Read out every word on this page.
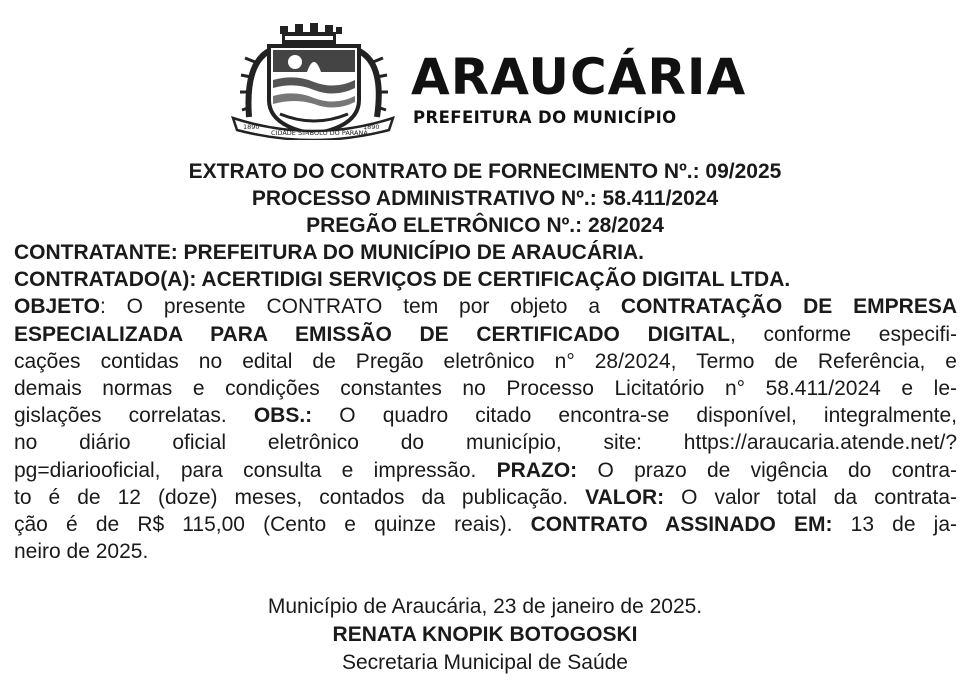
1890	1890
CIDADE SÍMBOLO DO PARANÁ
ARAUCÁRIA
PREFEITURA DO MUNICÍPIO
EXTRATO DO CONTRATO DE FORNECIMENTO Nº.: 09/2025
PROCESSO ADMINISTRATIVO Nº.: 58.411/2024
PREGÃO ELETRÔNICO Nº.: 28/2024
CONTRATANTE: PREFEITURA DO MUNICÍPIO DE ARAUCÁRIA.
CONTRATADO(A): ACERTIDIGI SERVIÇOS DE CERTIFICAÇÃO DIGITAL LTDA.
OBJETO: O presente CONTRATO tem por objeto a CONTRATAÇÃO DE EMPRESA
ESPECIALIZADA PARA EMISSÃO DE CERTIFICADO DIGITAL, conforme especifi-
cações contidas no edital de Pregão eletrônico n° 28/2024, Termo de Referência, e
demais normas e condições constantes no Processo Licitatório n° 58.411/2024 e le-
gislações correlatas. OBS.: O quadro citado encontra-se disponível, integralmente,
no diário oficial eletrônico do município, site: https://araucaria.atende.net/?
pg=diariooficial, para consulta e impressão. PRAZO: O prazo de vigência do contra-
to é de 12 (doze) meses, contados da publicação. VALOR: O valor total da contrata-
ção é de R$ 115,00 (Cento e quinze reais). CONTRATO ASSINADO EM: 13 de ja-
neiro de 2025.
Município de Araucária, 23 de janeiro de 2025.
RENATA KNOPIK BOTOGOSKI
Secretaria Municipal de Saúde
